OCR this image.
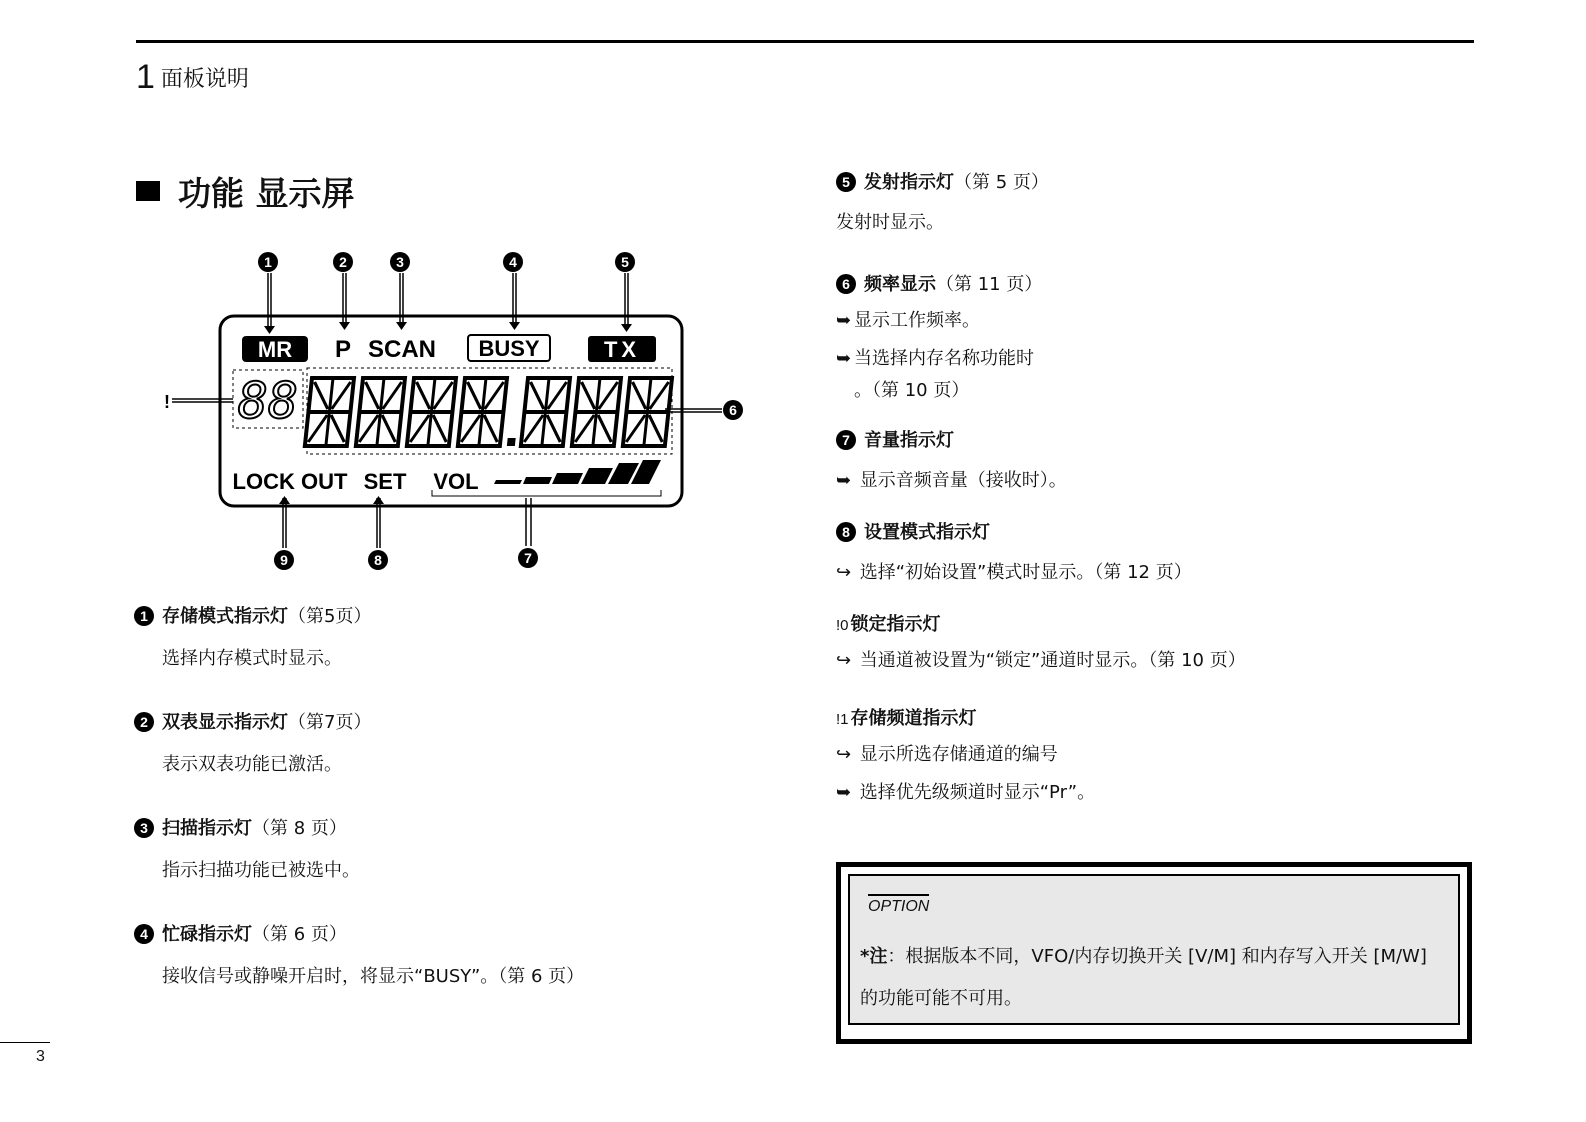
1 面板说明
功能 显示屏
MR P SCAN BUSY	TX
88
LOCK OUT SET VOL
1	2	3	4	5
6
7
8
9
!
1 存储模式指示灯（第5页）
选择内存模式时显示。
2 双表显示指示灯（第7页）
表示双表功能已激活。
3 扫描指示灯（第 8 页）
指示扫描功能已被选中。
4 忙碌指示灯（第 6 页）
接收信号或静噪开启时，将显示“BUSY”。（第 6 页）
5 发射指示灯（第 5 页）
发射时显示。
6 频率显示（第 11 页）
➥ 显示工作频率。
➥ 当选择内存名称功能时
。（第 10 页）
7 音量指示灯
➥ 显示音频音量（接收时）。
8 设置模式指示灯
↪ 选择“初始设置”模式时显示。（第 12 页）
!0 锁定指示灯
↪ 当通道被设置为“锁定”通道时显示。（第 10 页）
!1 存储频道指示灯
↪ 显示所选存储通道的编号
➥ 选择优先级频道时显示“Pr”。
OPTION
*注：根据版本不同，VFO/内存切换开关 [V/M] 和内存写入开关 [M/W] 的功能可能不可用。
3
